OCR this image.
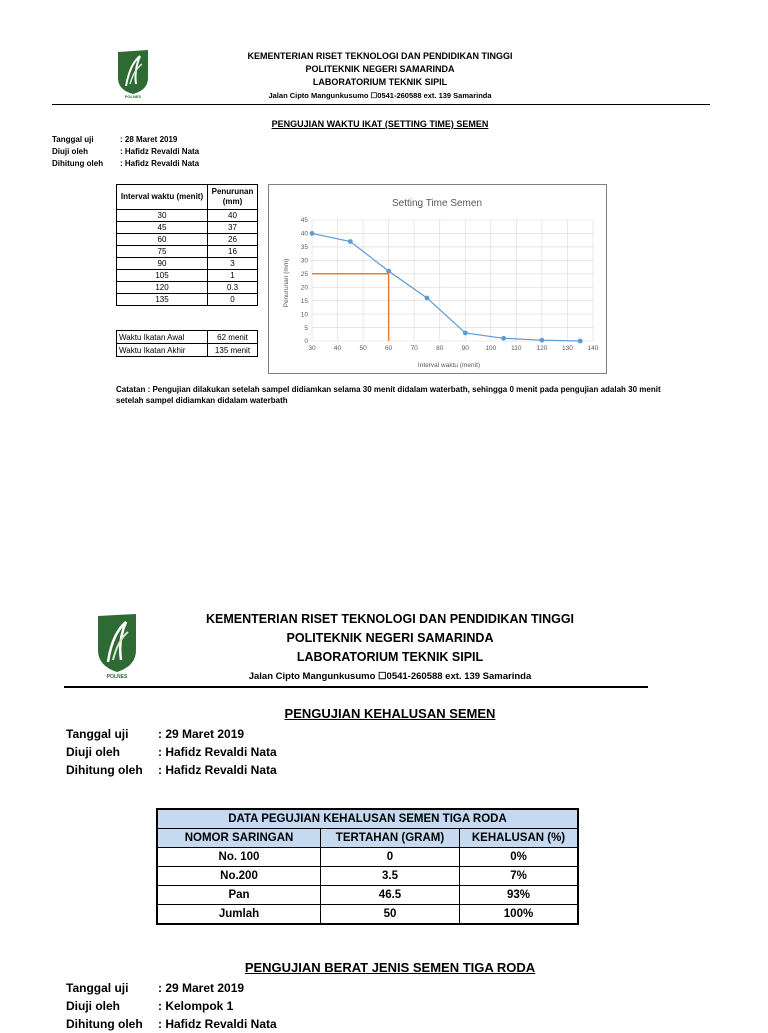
POLNES
KEMENTERIAN RISET TEKNOLOGI DAN PENDIDIKAN TINGGI
POLITEKNIK NEGERI SAMARINDA
LABORATORIUM TEKNIK SIPIL
Jalan Cipto Mangunkusumo ☐0541-260588 ext. 139 Samarinda
PENGUJIAN WAKTU IKAT (SETTING TIME) SEMEN
Tanggal uji	: 28 Maret 2019
Diuji oleh	: Hafidz Revaldi Nata
Dihitung oleh : Hafidz Revaldi Nata
Interval waktu (menit)	Penurunan (mm)
30	40
45	37
60	26
75	16
90	3
105	1
120	0.3
135	0
Waktu Ikatan Awal	62 menit
Waktu Ikatan Akhir	135 menit
Setting Time Semen
30	40	50	60	70	80	90	100 110 120 130 140
0
5
10
15
20
25
30
35
40
45
Interval waktu (menit)
Penurunan (mm)
Catatan : Pengujian dilakukan setelah sampel didiamkan selama 30 menit didalam waterbath, sehingga 0 menit pada pengujian adalah 30 menit setelah sampel didiamkan didalam waterbath
POLNES
KEMENTERIAN RISET TEKNOLOGI DAN PENDIDIKAN TINGGI
POLITEKNIK NEGERI SAMARINDA
LABORATORIUM TEKNIK SIPIL
Jalan Cipto Mangunkusumo ☐0541-260588 ext. 139 Samarinda
PENGUJIAN KEHALUSAN SEMEN
Tanggal uji : 29 Maret 2019
Diuji oleh	: Hafidz Revaldi Nata
Dihitung oleh : Hafidz Revaldi Nata
DATA PEGUJIAN KEHALUSAN SEMEN TIGA RODA		
NOMOR SARINGAN	TERTAHAN (GRAM)	KEHALUSAN (%)
No. 100	0	0%
No.200	3.5	7%
Pan	46.5	93%
Jumlah	50	100%
PENGUJIAN BERAT JENIS SEMEN TIGA RODA
Tanggal uji : 29 Maret 2019
Diuji oleh	: Kelompok 1
Dihitung oleh : Hafidz Revaldi Nata
